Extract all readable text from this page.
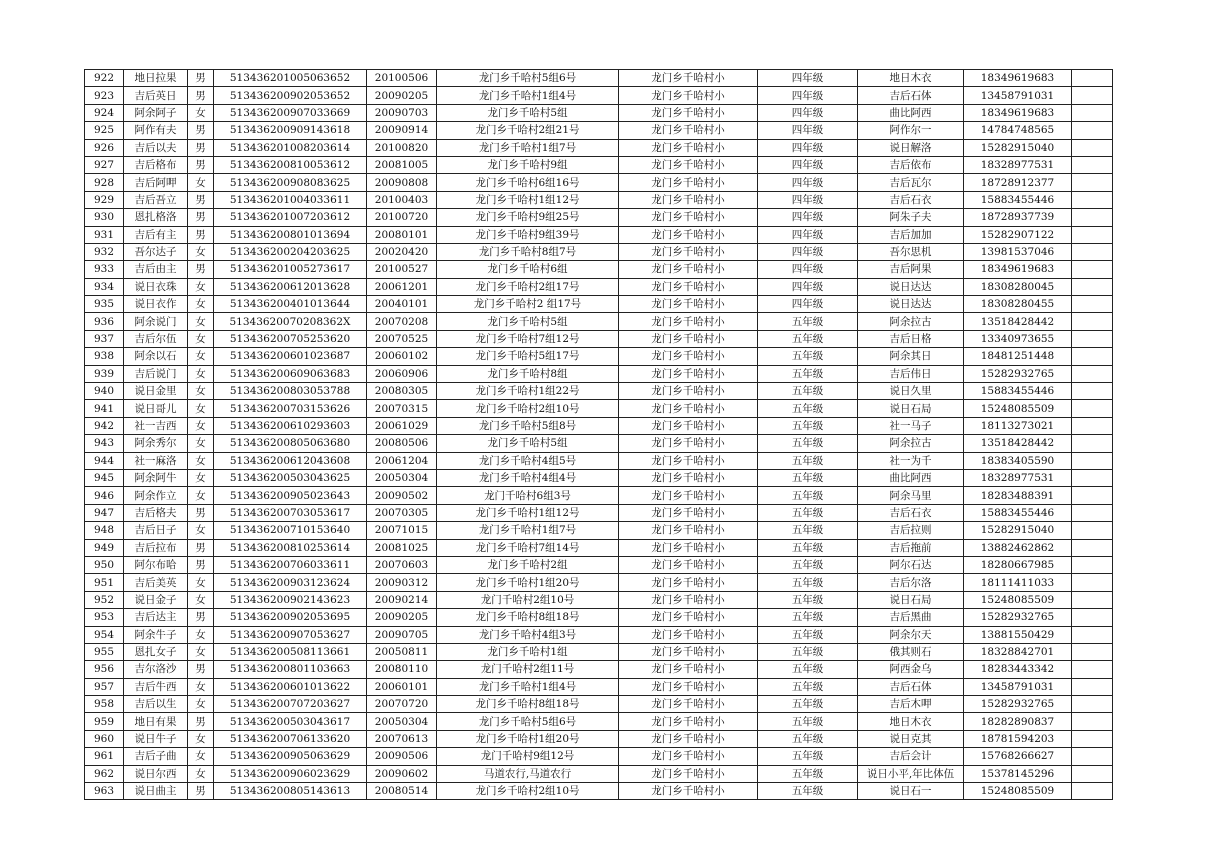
922	地日拉果	男	513436201005063652	20100506	龙门乡千哈村5组6号	龙门乡千哈村小	四年级	地日木衣	18349619683	
923	吉后英日	男	513436200902053652	20090205	龙门乡千哈村1组4号	龙门乡千哈村小	四年级	吉后石体	13458791031	
924	阿余阿子	女	513436200907033669	20090703	龙门乡千哈村5组	龙门乡千哈村小	四年级	曲比阿西	18349619683	
925	阿作有夫	男	513436200909143618	20090914	龙门乡千哈村2组21号	龙门乡千哈村小	四年级	阿作尔一	14784748565	
926	吉后以夫	男	513436201008203614	20100820	龙门乡千哈村1组7号	龙门乡千哈村小	四年级	说日解洛	15282915040	
927	吉后格布	男	513436200810053612	20081005	龙门乡千哈村9组	龙门乡千哈村小	四年级	吉后依布	18328977531	
928	吉后阿呷	女	513436200908083625	20090808	龙门乡千哈村6组16号	龙门乡千哈村小	四年级	吉后瓦尔	18728912377	
929	吉后吾立	男	513436201004033611	20100403	龙门乡千哈村1组12号	龙门乡千哈村小	四年级	吉后石衣	15883455446	
930	恩扎格洛	男	513436201007203612	20100720	龙门乡千哈村9组25号	龙门乡千哈村小	四年级	阿朱子夫	18728937739	
931	吉后有主	男	513436200801013694	20080101	龙门乡千哈村9组39号	龙门乡千哈村小	四年级	吉后加加	15282907122	
932	吾尔达子	女	513436200204203625	20020420	龙门乡千哈村8组7号	龙门乡千哈村小	四年级	吾尔思机	13981537046	
933	吉后由主	男	513436201005273617	20100527	龙门乡千哈村6组	龙门乡千哈村小	四年级	吉后阿果	18349619683	
934	说日衣珠	女	513436200612013628	20061201	龙门乡千哈村2组17号	龙门乡千哈村小	四年级	说日达达	18308280045	
935	说日衣作	女	513436200401013644	20040101	龙门乡千哈村2 组17号	龙门乡千哈村小	四年级	说日达达	18308280455	
936	阿余说门	女	51343620070208362X	20070208	龙门乡千哈村5组	龙门乡千哈村小	五年级	阿余拉古	13518428442	
937	吉后尔伍	女	513436200705253620	20070525	龙门乡千哈村7组12号	龙门乡千哈村小	五年级	吉后日格	13340973655	
938	阿余以石	女	513436200601023687	20060102	龙门乡千哈村5组17号	龙门乡千哈村小	五年级	阿余其日	18481251448	
939	吉后说门	女	513436200609063683	20060906	龙门乡千哈村8组	龙门乡千哈村小	五年级	吉后伟日	15282932765	
940	说日金里	女	513436200803053788	20080305	龙门乡千哈村1组22号	龙门乡千哈村小	五年级	说日久里	15883455446	
941	说日哥儿	女	513436200703153626	20070315	龙门乡千哈村2组10号	龙门乡千哈村小	五年级	说日石局	15248085509	
942	社一吉西	女	513436200610293603	20061029	龙门乡千哈村5组8号	龙门乡千哈村小	五年级	社一马子	18113273021	
943	阿余秀尔	女	513436200805063680	20080506	龙门乡千哈村5组	龙门乡千哈村小	五年级	阿余拉古	13518428442	
944	社一麻洛	女	513436200612043608	20061204	龙门乡千哈村4组5号	龙门乡千哈村小	五年级	社一为千	18383405590	
945	阿余阿牛	女	513436200503043625	20050304	龙门乡千哈村4组4号	龙门乡千哈村小	五年级	曲比阿西	18328977531	
946	阿余作立	女	513436200905023643	20090502	龙门千哈村6组3号	龙门乡千哈村小	五年级	阿余马里	18283488391	
947	吉后格夫	男	513436200703053617	20070305	龙门乡千哈村1组12号	龙门乡千哈村小	五年级	吉后石衣	15883455446	
948	吉后日子	女	513436200710153640	20071015	龙门乡千哈村1组7号	龙门乡千哈村小	五年级	吉后拉则	15282915040	
949	吉后拉布	男	513436200810253614	20081025	龙门乡千哈村7组14号	龙门乡千哈村小	五年级	吉后拖前	13882462862	
950	阿尔布哈	男	513436200706033611	20070603	龙门乡千哈村2组	龙门乡千哈村小	五年级	阿尔石达	18280667985	
951	吉后美英	女	513436200903123624	20090312	龙门乡千哈村1组20号	龙门乡千哈村小	五年级	吉后尔洛	18111411033	
952	说日金子	女	513436200902143623	20090214	龙门千哈村2组10号	龙门乡千哈村小	五年级	说日石局	15248085509	
953	吉后达主	男	513436200902053695	20090205	龙门乡千哈村8组18号	龙门乡千哈村小	五年级	吉后黑曲	15282932765	
954	阿余牛子	女	513436200907053627	20090705	龙门乡千哈村4组3号	龙门乡千哈村小	五年级	阿余尔天	13881550429	
955	恩扎女子	女	513436200508113661	20050811	龙门乡千哈村1组	龙门乡千哈村小	五年级	俄其则石	18328842701	
956	吉尔洛沙	男	513436200801103663	20080110	龙门千哈村2组11号	龙门乡千哈村小	五年级	阿西金乌	18283443342	
957	吉后牛西	女	513436200601013622	20060101	龙门乡千哈村1组4号	龙门乡千哈村小	五年级	吉后石体	13458791031	
958	吉后以生	女	513436200707203627	20070720	龙门乡千哈村8组18号	龙门乡千哈村小	五年级	吉后木呷	15282932765	
959	地日有果	男	513436200503043617	20050304	龙门乡千哈村5组6号	龙门乡千哈村小	五年级	地日木衣	18282890837	
960	说日牛子	女	513436200706133620	20070613	龙门乡千哈村1组20号	龙门乡千哈村小	五年级	说日克其	18781594203	
961	吉后子曲	女	513436200905063629	20090506	龙门千哈村9组12号	龙门乡千哈村小	五年级	吉后会计	15768266627	
962	说日尔西	女	513436200906023629	20090602	马道农行,马道农行	龙门乡千哈村小	五年级	说日小平,年比体伍	15378145296	
963	说日曲主	男	513436200805143613	20080514	龙门乡千哈村2组10号	龙门乡千哈村小	五年级	说日石一	15248085509	
